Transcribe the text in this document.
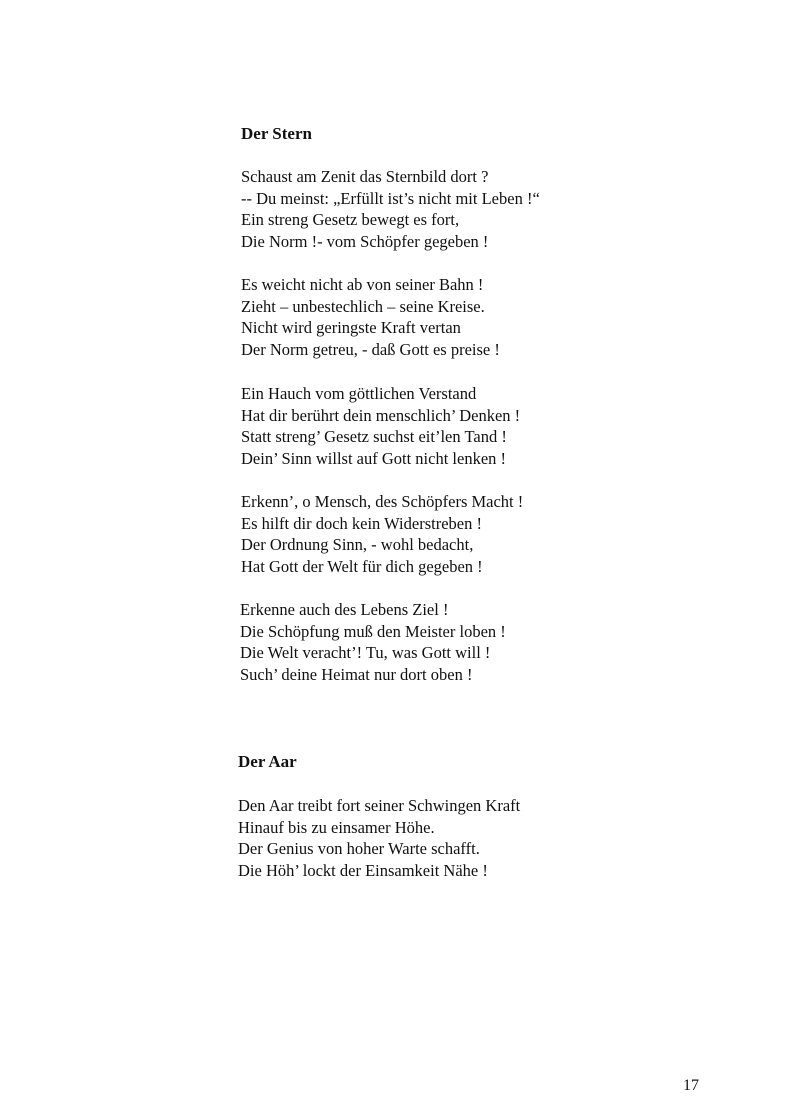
Der Stern
Schaust am Zenit das Sternbild dort ?
-- Du meinst: „Erfüllt ist’s nicht mit Leben !“
Ein streng Gesetz bewegt es fort,
Die Norm !- vom Schöpfer gegeben !
Es weicht nicht ab von seiner Bahn !
Zieht – unbestechlich – seine Kreise.
Nicht wird geringste Kraft vertan
Der Norm getreu, - daß Gott es preise !
Ein Hauch vom göttlichen Verstand
Hat dir berührt dein menschlich’ Denken !
Statt streng’ Gesetz suchst eit’len Tand !
Dein’ Sinn willst auf Gott nicht lenken !
Erkenn’, o Mensch, des Schöpfers Macht !
Es hilft dir doch kein Widerstreben !
Der Ordnung Sinn, - wohl bedacht,
Hat Gott der Welt für dich gegeben !
Erkenne auch des Lebens Ziel !
Die Schöpfung muß den Meister loben !
Die Welt veracht’! Tu, was Gott will !
Such’ deine Heimat nur dort oben !
Der Aar
Den Aar treibt fort seiner Schwingen Kraft
Hinauf bis zu einsamer Höhe.
Der Genius von hoher Warte schafft.
Die Höh’ lockt der Einsamkeit Nähe !
17
